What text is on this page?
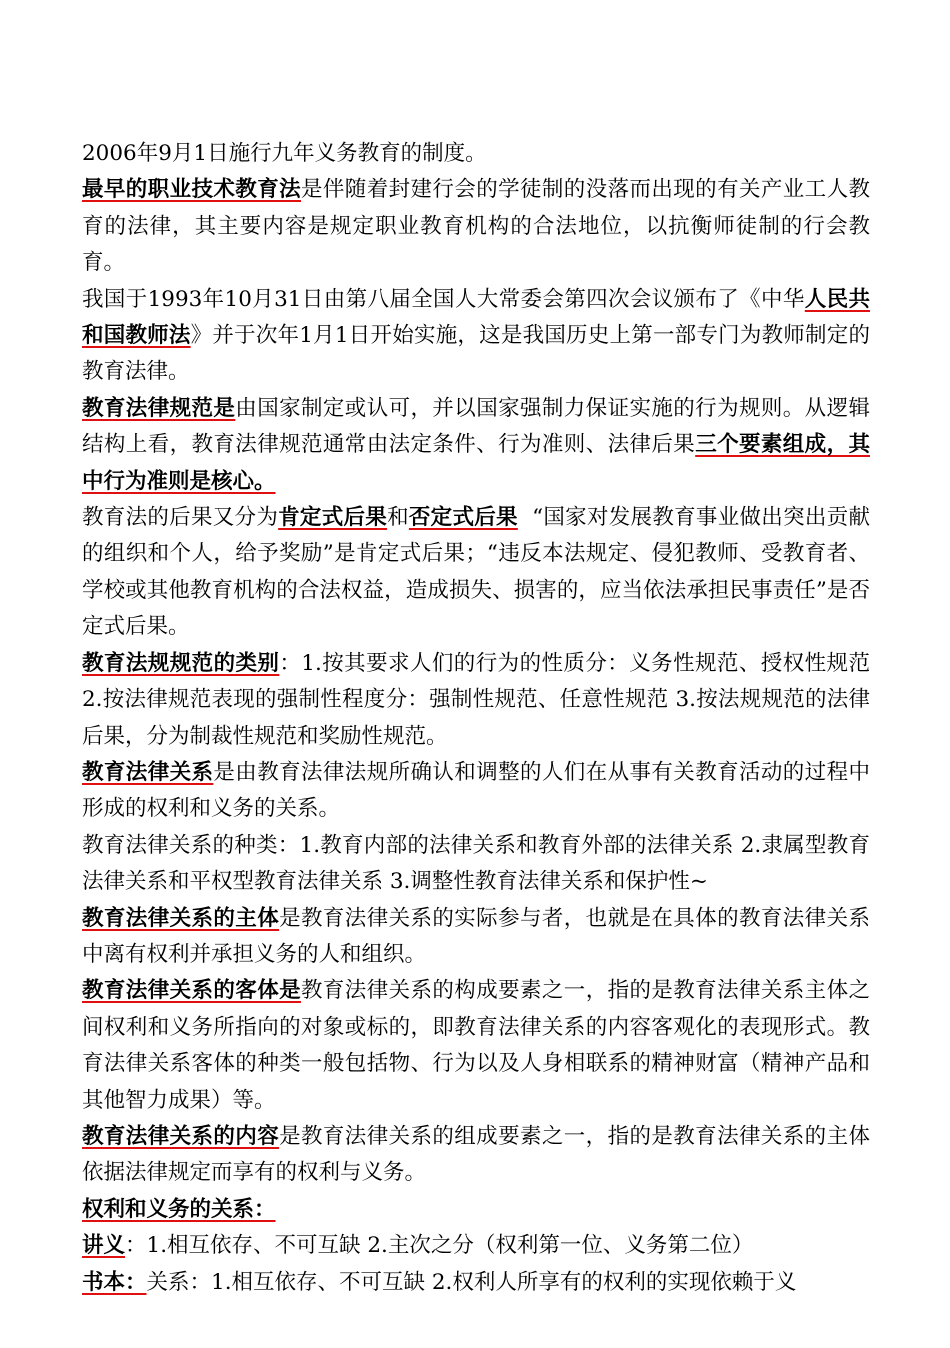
2006年9月1日施行九年义务教育的制度。

最早的职业技术教育法是伴随着封建行会的学徒制的没落而出现的有关产业工人教育的法律，其主要内容是规定职业教育机构的合法地位，以抗衡师徒制的行会教育。

我国于1993年10月31日由第八届全国人大常委会第四次会议颁布了《中华人民共和国教师法》并于次年1月1日开始实施，这是我国历史上第一部专门为教师制定的教育法律。

教育法律规范是由国家制定或认可，并以国家强制力保证实施的行为规则。从逻辑结构上看，教育法律规范通常由法定条件、行为准则、法律后果三个要素组成，其中行为准则是核心。

教育法的后果又分为肯定式后果和否定式后果  “国家对发展教育事业做出突出贡献的组织和个人，给予奖励”是肯定式后果；“违反本法规定、侵犯教师、受教育者、学校或其他教育机构的合法权益，造成损失、损害的，应当依法承担民事责任”是否定式后果。

教育法规规范的类别：1.按其要求人们的行为的性质分：义务性规范、授权性规范 2.按法律规范表现的强制性程度分：强制性规范、任意性规范 3.按法规规范的法律后果，分为制裁性规范和奖励性规范。

教育法律关系是由教育法律法规所确认和调整的人们在从事有关教育活动的过程中形成的权利和义务的关系。

教育法律关系的种类：1.教育内部的法律关系和教育外部的法律关系 2.隶属型教育法律关系和平权型教育法律关系 3.调整性教育法律关系和保护性~

教育法律关系的主体是教育法律关系的实际参与者，也就是在具体的教育法律关系中离有权利并承担义务的人和组织。

教育法律关系的客体是教育法律关系的构成要素之一，指的是教育法律关系主体之间权利和义务所指向的对象或标的，即教育法律关系的内容客观化的表现形式。教育法律关系客体的种类一般包括物、行为以及人身相联系的精神财富（精神产品和其他智力成果）等。

教育法律关系的内容是教育法律关系的组成要素之一，指的是教育法律关系的主体依据法律规定而享有的权利与义务。

权利和义务的关系：

讲义：1.相互依存、不可互缺 2.主次之分（权利第一位、义务第二位）

书本：关系：1.相互依存、不可互缺 2.权利人所享有的权利的实现依赖于义
